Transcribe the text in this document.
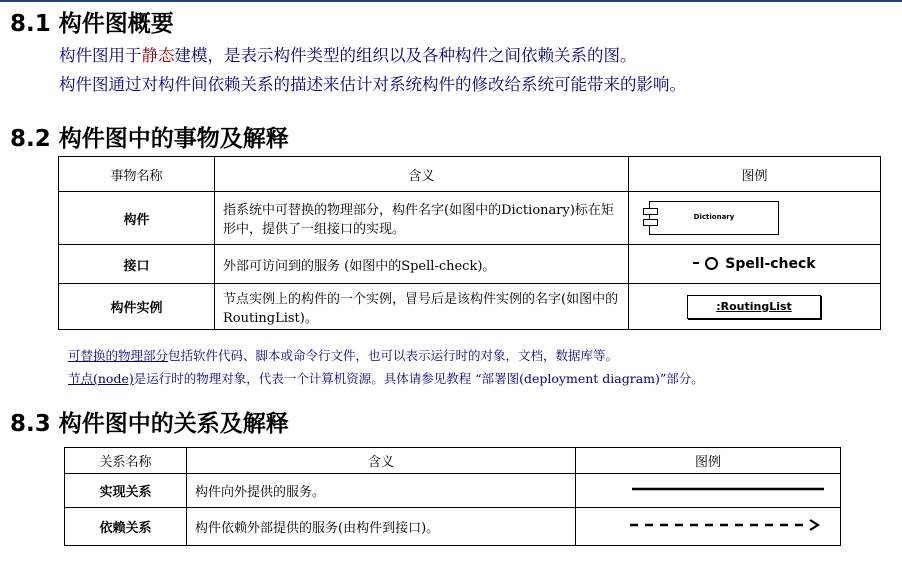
8.1 构件图概要
构件图用于静态建模，是表示构件类型的组织以及各种构件之间依赖关系的图。
构件图通过对构件间依赖关系的描述来估计对系统构件的修改给系统可能带来的影响。
8.2 构件图中的事物及解释
事物名称	含义	图例
构件	指系统中可替换的物理部分，构件名字(如图中的Dictionary)标在矩形中，提供了一组接口的实现。	Dictionary

接口	外部可访问到的服务 (如图中的Spell-check)。	Spell-check
构件实例	节点实例上的构件的一个实例，冒号后是该构件实例的名字(如图中的RoutingList)。	:RoutingList
可替换的物理部分包括软件代码、脚本或命令行文件，也可以表示运行时的对象，文档，数据库等。
节点(node)是运行时的物理对象，代表一个计算机资源。具体请参见教程 “部署图(deployment diagram)”部分。
8.3 构件图中的关系及解释
关系名称	含义	图例
实现关系	构件向外提供的服务。	
依赖关系	构件依赖外部提供的服务(由构件到接口)。	
